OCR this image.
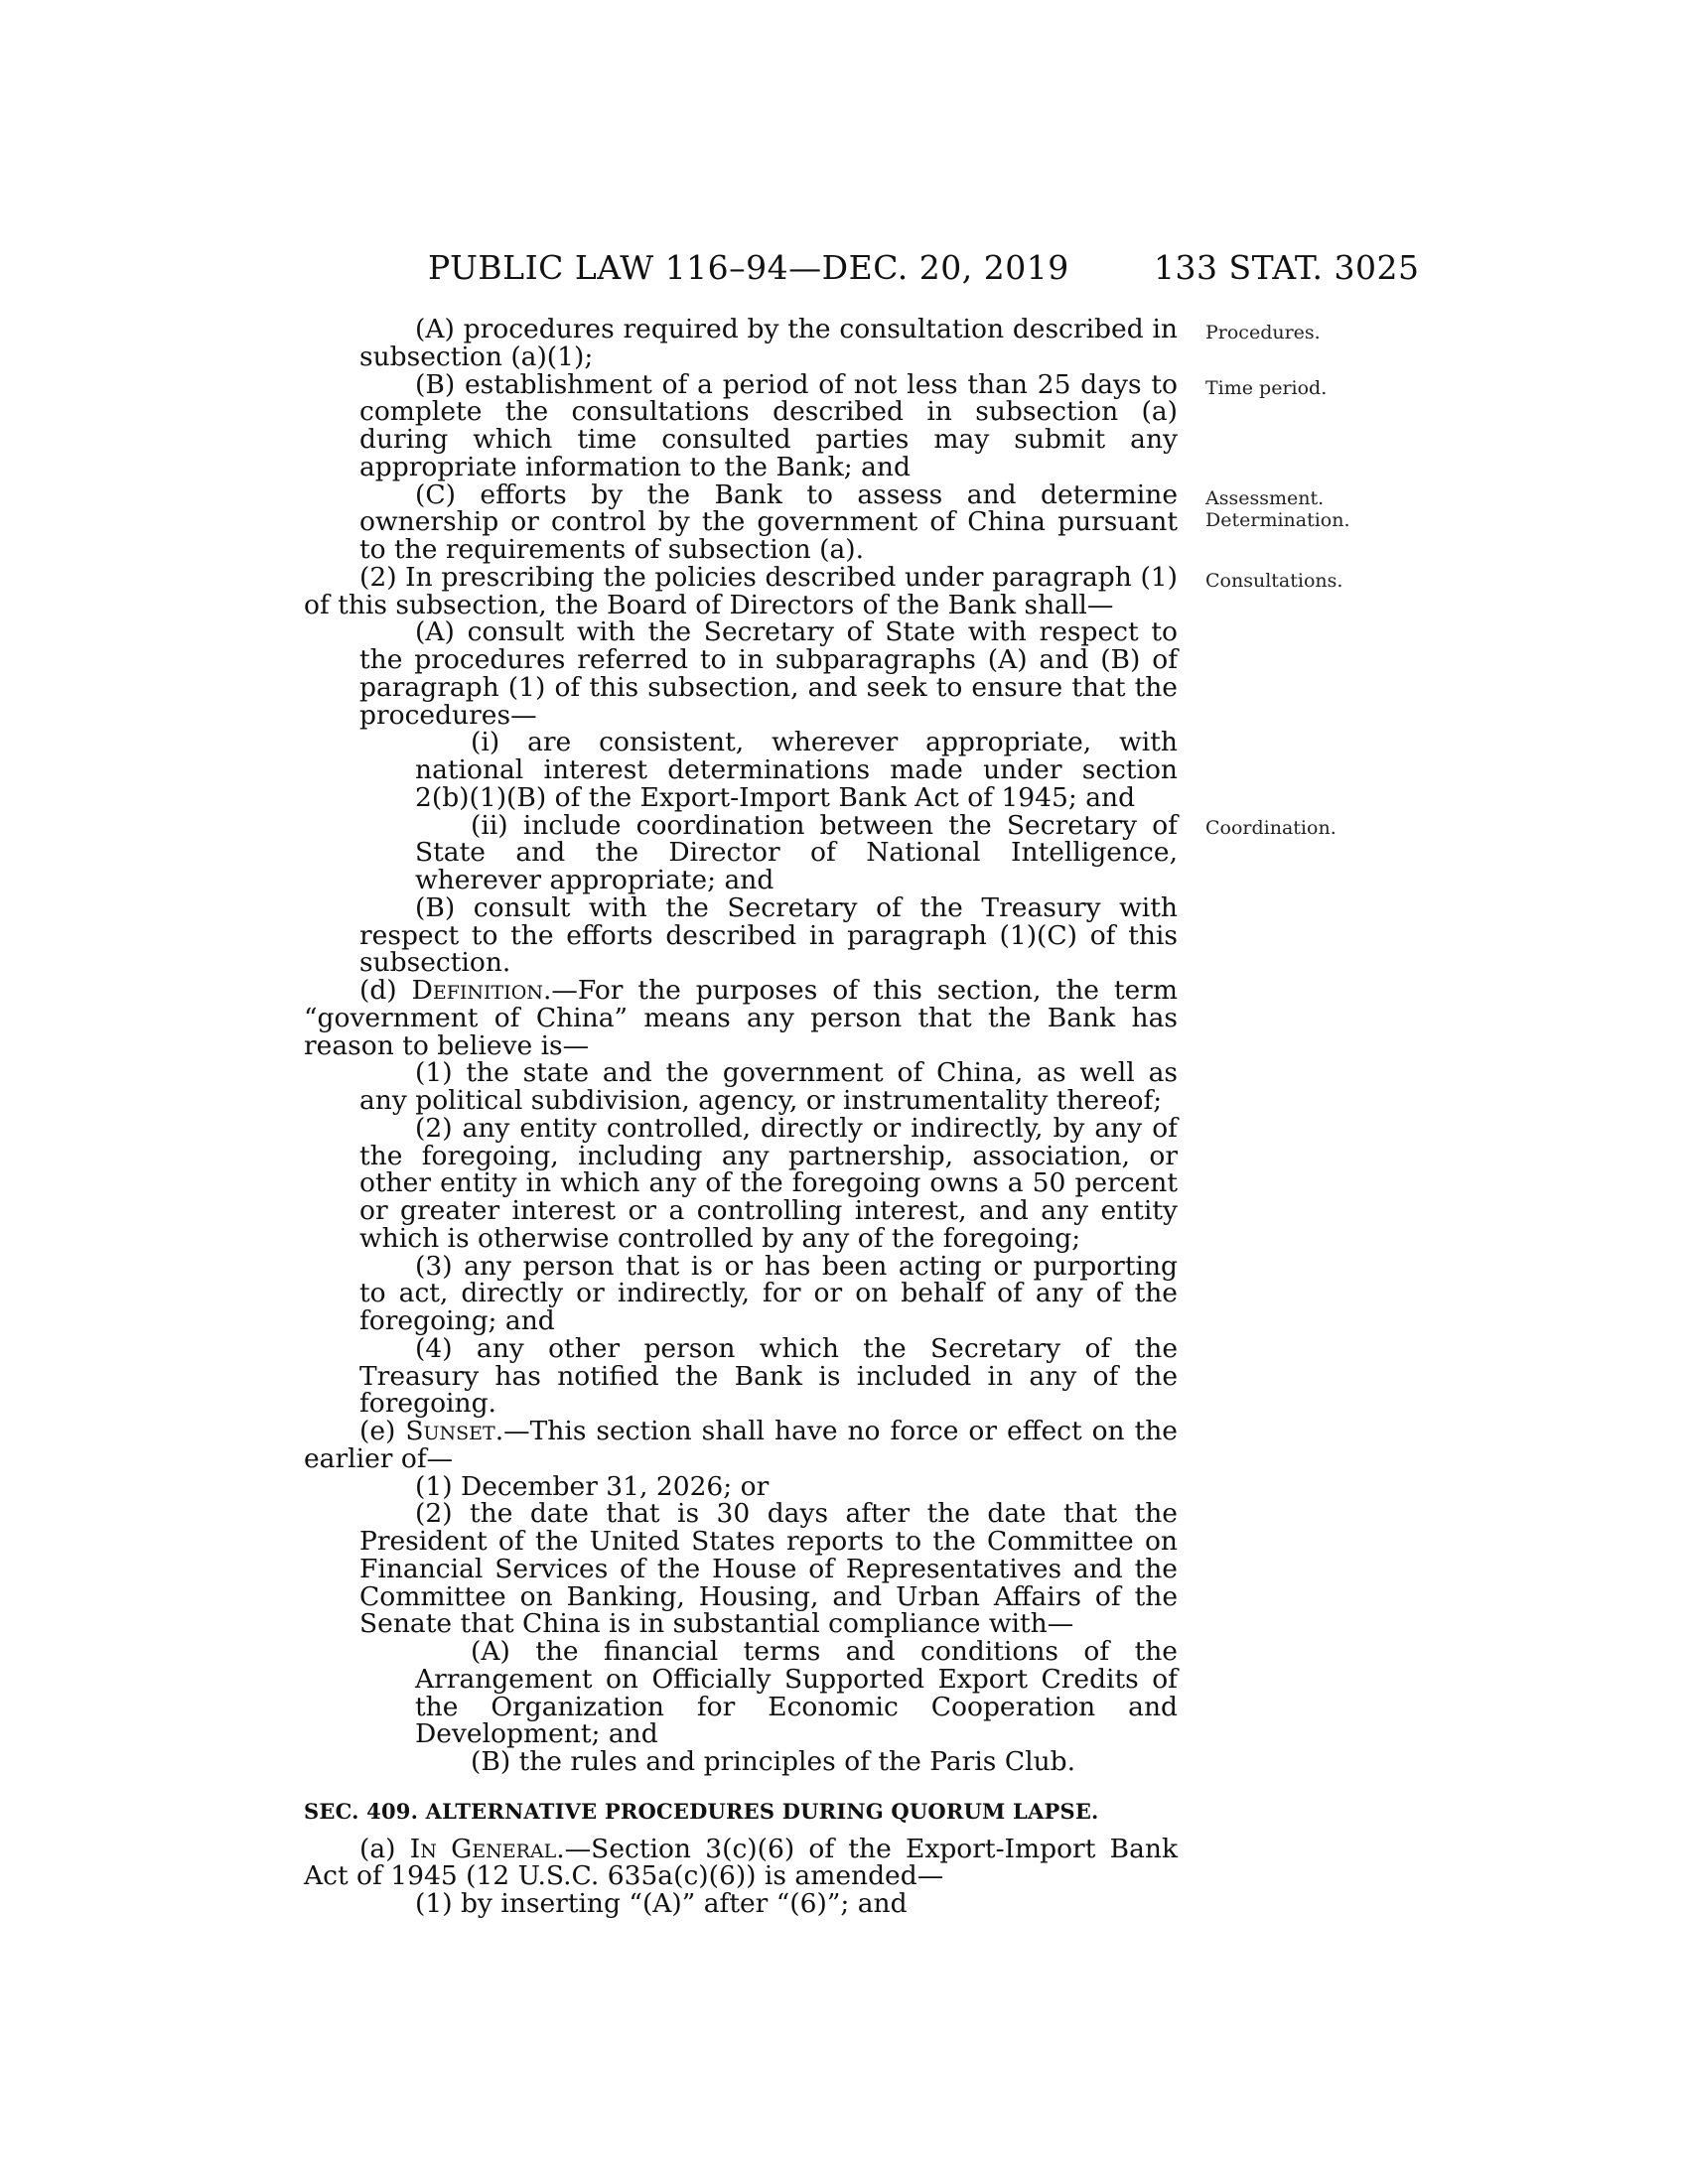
PUBLIC LAW 116–94—DEC. 20, 2019	133 STAT. 3025
(A) procedures required by the consultation described in subsection (a)(1);
(B) establishment of a period of not less than 25 days to complete the consultations described in subsection (a) during which time consulted parties may submit any appropriate information to the Bank; and
(C) efforts by the Bank to assess and determine ownership or control by the government of China pursuant to the requirements of subsection (a).
(2) In prescribing the policies described under paragraph (1) of this subsection, the Board of Directors of the Bank shall—
(A) consult with the Secretary of State with respect to the procedures referred to in subparagraphs (A) and (B) of paragraph (1) of this subsection, and seek to ensure that the procedures—
(i) are consistent, wherever appropriate, with national interest determinations made under section 2(b)(1)(B) of the Export-Import Bank Act of 1945; and
(ii) include coordination between the Secretary of State and the Director of National Intelligence, wherever appropriate; and
(B) consult with the Secretary of the Treasury with respect to the efforts described in paragraph (1)(C) of this subsection.
(d) Definition.—For the purposes of this section, the term “government of China” means any person that the Bank has reason to believe is—
(1) the state and the government of China, as well as any political subdivision, agency, or instrumentality thereof;
(2) any entity controlled, directly or indirectly, by any of the foregoing, including any partnership, association, or other entity in which any of the foregoing owns a 50 percent or greater interest or a controlling interest, and any entity which is otherwise controlled by any of the foregoing;
(3) any person that is or has been acting or purporting to act, directly or indirectly, for or on behalf of any of the foregoing; and
(4) any other person which the Secretary of the Treasury has notified the Bank is included in any of the foregoing.
(e) Sunset.—This section shall have no force or effect on the earlier of—
(1) December 31, 2026; or
(2) the date that is 30 days after the date that the President of the United States reports to the Committee on Financial Services of the House of Representatives and the Committee on Banking, Housing, and Urban Affairs of the Senate that China is in substantial compliance with—
(A) the financial terms and conditions of the Arrangement on Officially Supported Export Credits of the Organization for Economic Cooperation and Development; and
(B) the rules and principles of the Paris Club.
SEC. 409. ALTERNATIVE PROCEDURES DURING QUORUM LAPSE.
(a) In General.—Section 3(c)(6) of the Export-Import Bank Act of 1945 (12 U.S.C. 635a(c)(6)) is amended—
(1) by inserting “(A)” after “(6)”; and
Procedures.
Time period.
Assessment.
Determination.
Consultations.
Coordination.
